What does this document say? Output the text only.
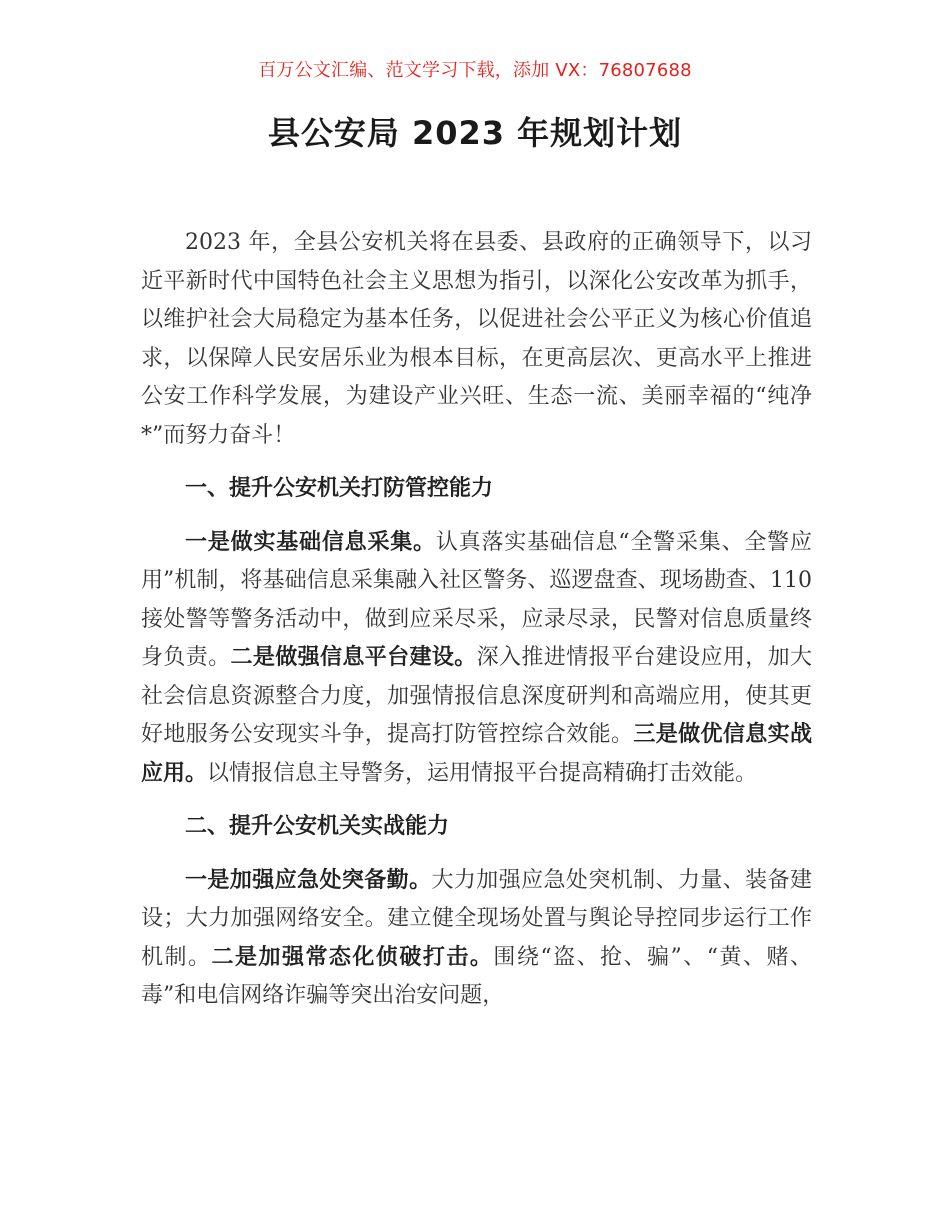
百万公文汇编、范文学习下载，添加 VX：76807688
县公安局 2023 年规划计划

2023 年，全县公安机关将在县委、县政府的正确领导下，以习近平新时代中国特色社会主义思想为指引，以深化公安改革为抓手，以维护社会大局稳定为基本任务，以促进社会公平正义为核心价值追求，以保障人民安居乐业为根本目标，在更高层次、更高水平上推进公安工作科学发展，为建设产业兴旺、生态一流、美丽幸福的“纯净*”而努力奋斗！

一、提升公安机关打防管控能力

一是做实基础信息采集。认真落实基础信息“全警采集、全警应用”机制，将基础信息采集融入社区警务、巡逻盘查、现场勘查、110 接处警等警务活动中，做到应采尽采，应录尽录，民警对信息质量终身负责。二是做强信息平台建设。深入推进情报平台建设应用，加大社会信息资源整合力度，加强情报信息深度研判和高端应用，使其更好地服务公安现实斗争，提高打防管控综合效能。三是做优信息实战应用。以情报信息主导警务，运用情报平台提高精确打击效能。

二、提升公安机关实战能力

一是加强应急处突备勤。大力加强应急处突机制、力量、装备建设；大力加强网络安全。建立健全现场处置与舆论导控同步运行工作机制。二是加强常态化侦破打击。围绕“盗、抢、骗”、“黄、赌、毒”和电信网络诈骗等突出治安问题，
